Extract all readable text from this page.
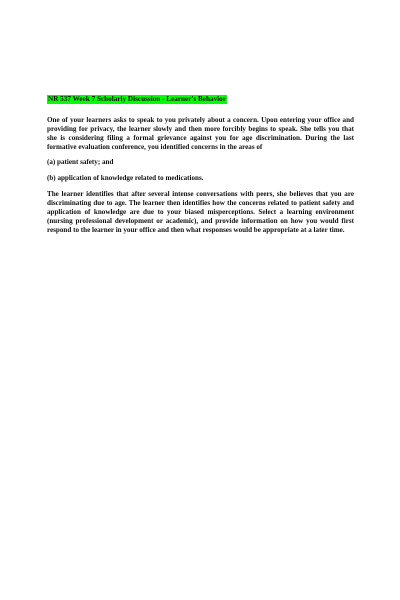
NR 537 Week 7 Scholarly Discussion - Learner's Behavior

One of your learners asks to speak to you privately about a concern. Upon entering your office and providing for privacy, the learner slowly and then more forcibly begins to speak. She tells you that she is considering filing a formal grievance against you for age discrimination. During the last formative evaluation conference, you identified concerns in the areas of

(a) patient safety; and

(b) application of knowledge related to medications.

The learner identifies that after several intense conversations with peers, she believes that you are discriminating due to age. The learner then identifies how the concerns related to patient safety and application of knowledge are due to your biased misperceptions. Select a learning environment (nursing professional development or academic), and provide information on how you would first respond to the learner in your office and then what responses would be appropriate at a later time.
